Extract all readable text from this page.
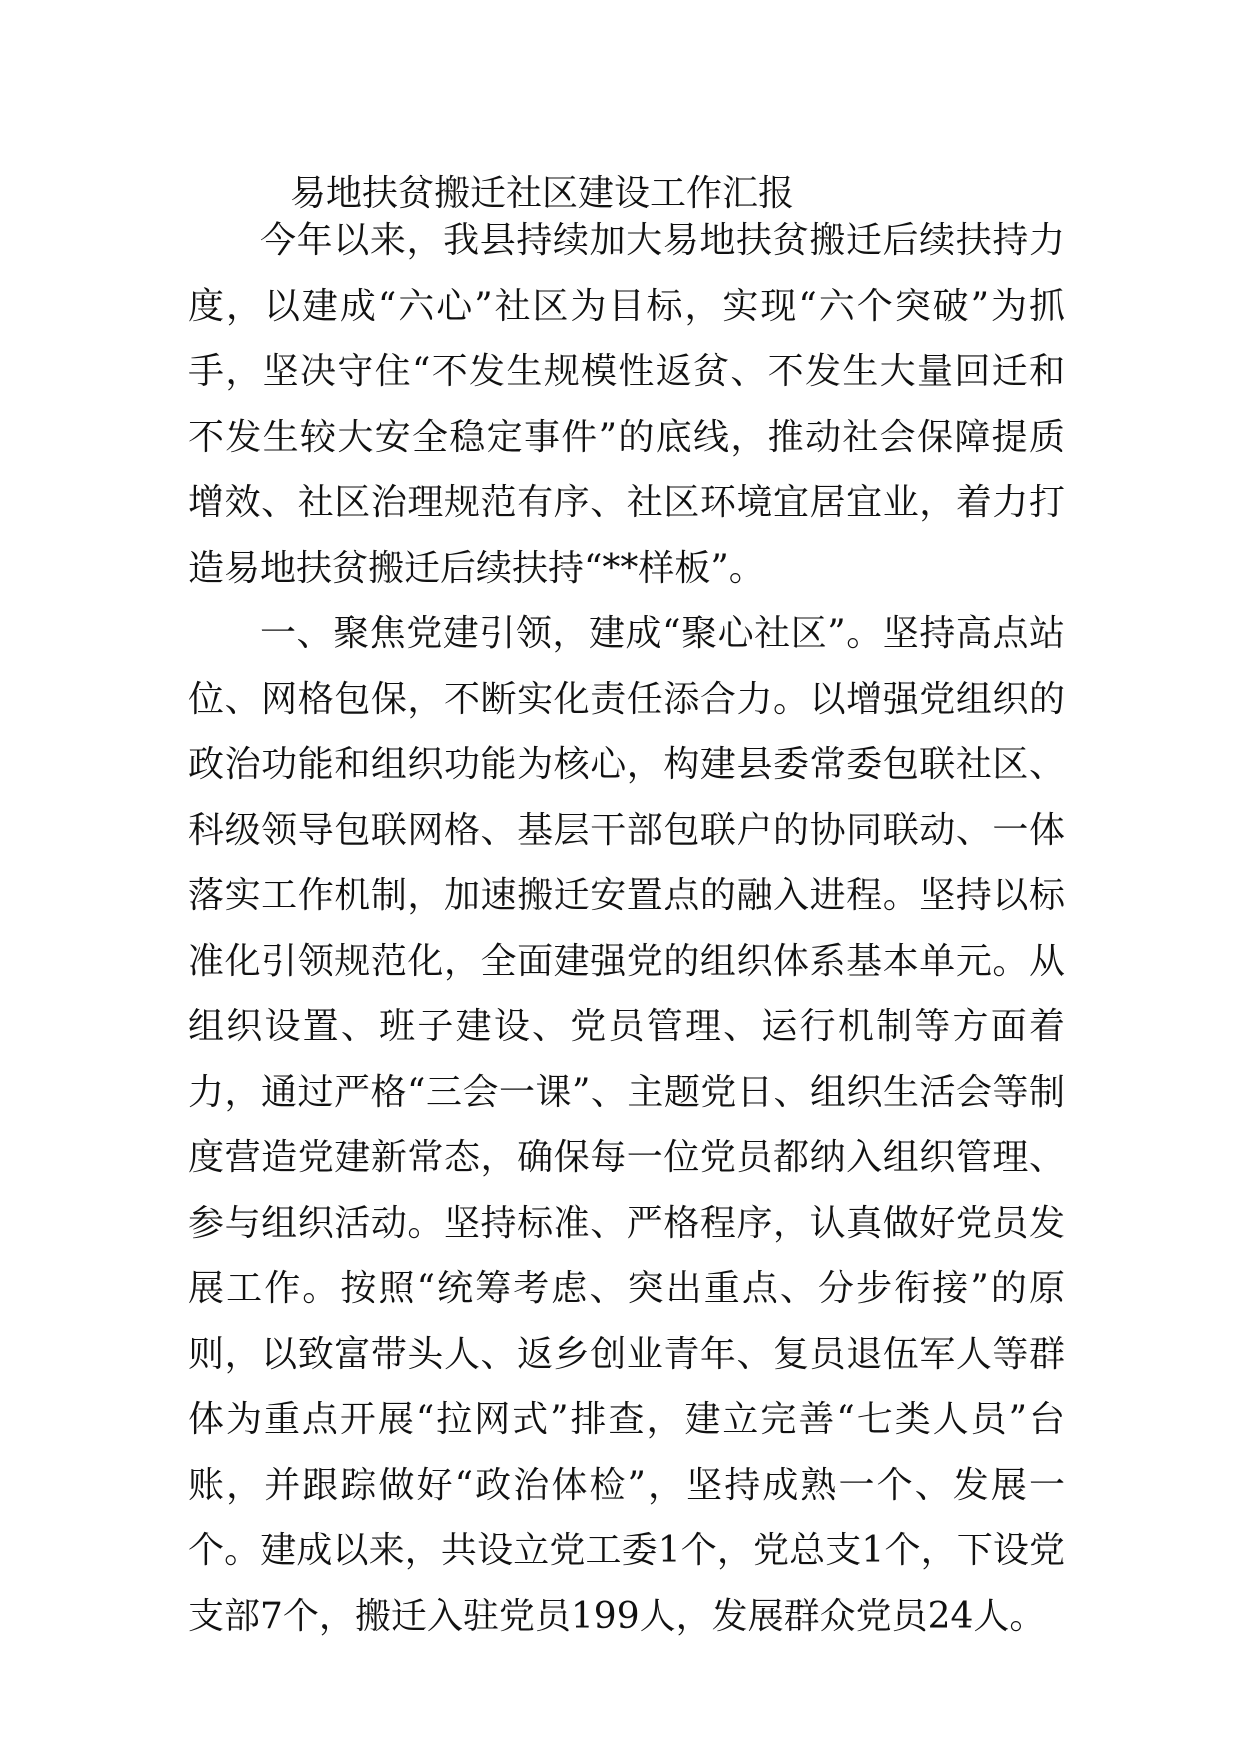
易地扶贫搬迁社区建设工作汇报

今年以来，我县持续加大易地扶贫搬迁后续扶持力度，以建成“六心”社区为目标，实现“六个突破”为抓手，坚决守住“不发生规模性返贫、不发生大量回迁和不发生较大安全稳定事件”的底线，推动社会保障提质增效、社区治理规范有序、社区环境宜居宜业，着力打造易地扶贫搬迁后续扶持“**样板”。

一、聚焦党建引领，建成“聚心社区”。坚持高点站位、网格包保，不断实化责任添合力。以增强党组织的政治功能和组织功能为核心，构建县委常委包联社区、科级领导包联网格、基层干部包联户的协同联动、一体落实工作机制，加速搬迁安置点的融入进程。坚持以标准化引领规范化，全面建强党的组织体系基本单元。从组织设置、班子建设、党员管理、运行机制等方面着力，通过严格“三会一课”、主题党日、组织生活会等制度营造党建新常态，确保每一位党员都纳入组织管理、参与组织活动。坚持标准、严格程序，认真做好党员发展工作。按照“统筹考虑、突出重点、分步衔接”的原则，以致富带头人、返乡创业青年、复员退伍军人等群体为重点开展“拉网式”排查，建立完善“七类人员”台账，并跟踪做好“政治体检”，坚持成熟一个、发展一个。建成以来，共设立党工委1个，党总支1个，下设党支部7个，搬迁入驻党员199人，发展群众党员24人。
